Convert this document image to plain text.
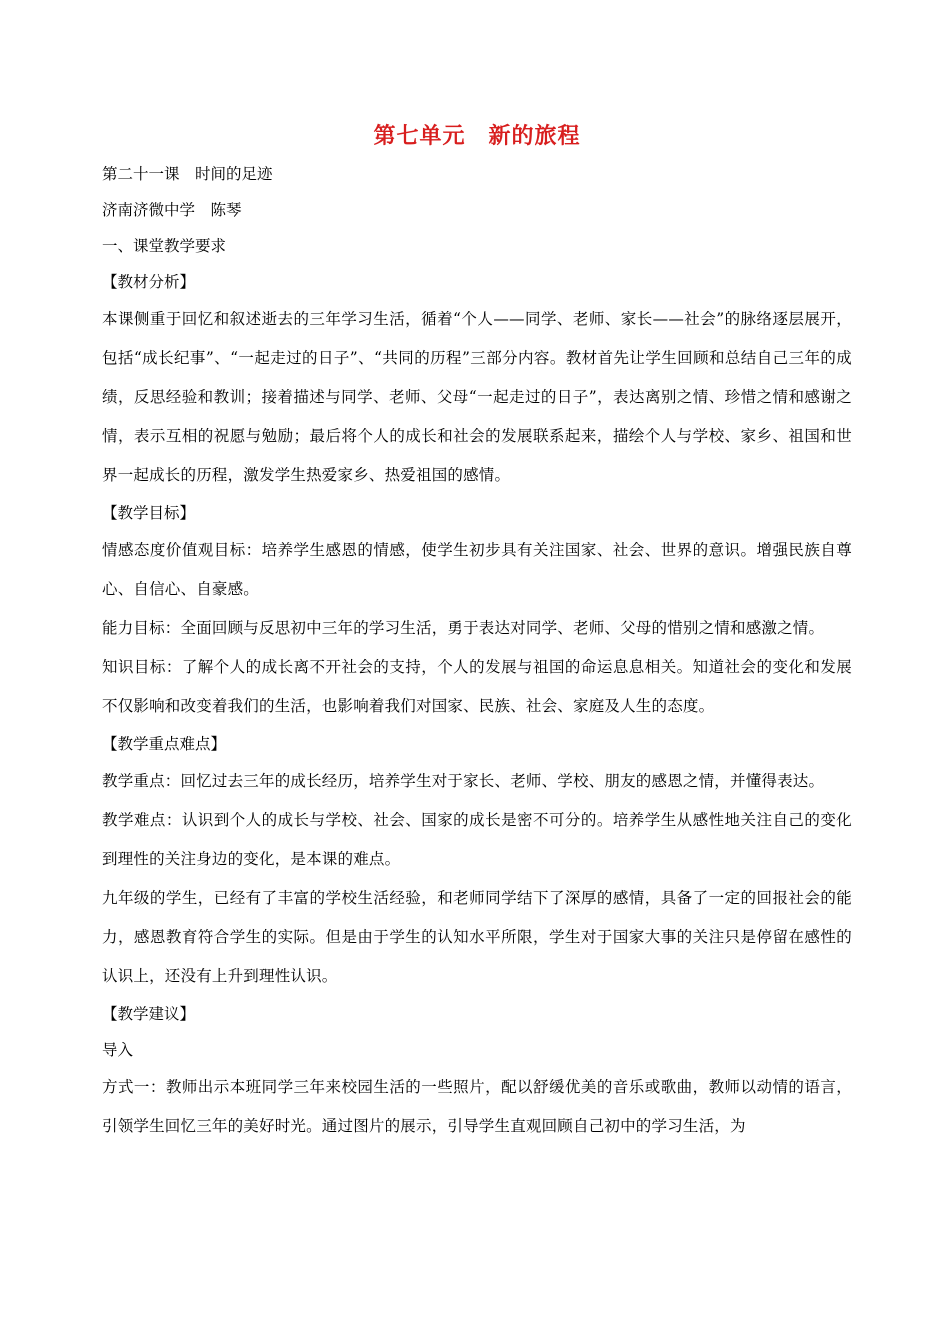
第七单元　新的旅程

第二十一课　时间的足迹

济南济微中学　陈琴

一、课堂教学要求

【教材分析】

本课侧重于回忆和叙述逝去的三年学习生活，循着“个人——同学、老师、家长——社会”的脉络逐层展开，包括“成长纪事”、“一起走过的日子”、“共同的历程”三部分内容。教材首先让学生回顾和总结自己三年的成绩，反思经验和教训；接着描述与同学、老师、父母“一起走过的日子”，表达离别之情、珍惜之情和感谢之情，表示互相的祝愿与勉励；最后将个人的成长和社会的发展联系起来，描绘个人与学校、家乡、祖国和世界一起成长的历程，激发学生热爱家乡、热爱祖国的感情。

【教学目标】

情感态度价值观目标：培养学生感恩的情感，使学生初步具有关注国家、社会、世界的意识。增强民族自尊心、自信心、自豪感。

能力目标：全面回顾与反思初中三年的学习生活，勇于表达对同学、老师、父母的惜别之情和感激之情。

知识目标：了解个人的成长离不开社会的支持，个人的发展与祖国的命运息息相关。知道社会的变化和发展不仅影响和改变着我们的生活，也影响着我们对国家、民族、社会、家庭及人生的态度。

【教学重点难点】

教学重点：回忆过去三年的成长经历，培养学生对于家长、老师、学校、朋友的感恩之情，并懂得表达。

教学难点：认识到个人的成长与学校、社会、国家的成长是密不可分的。培养学生从感性地关注自己的变化到理性的关注身边的变化，是本课的难点。

九年级的学生，已经有了丰富的学校生活经验，和老师同学结下了深厚的感情，具备了一定的回报社会的能力，感恩教育符合学生的实际。但是由于学生的认知水平所限，学生对于国家大事的关注只是停留在感性的认识上，还没有上升到理性认识。

【教学建议】

导入

方式一：教师出示本班同学三年来校园生活的一些照片，配以舒缓优美的音乐或歌曲，教师以动情的语言，引领学生回忆三年的美好时光。通过图片的展示，引导学生直观回顾自己初中的学习生活，为
